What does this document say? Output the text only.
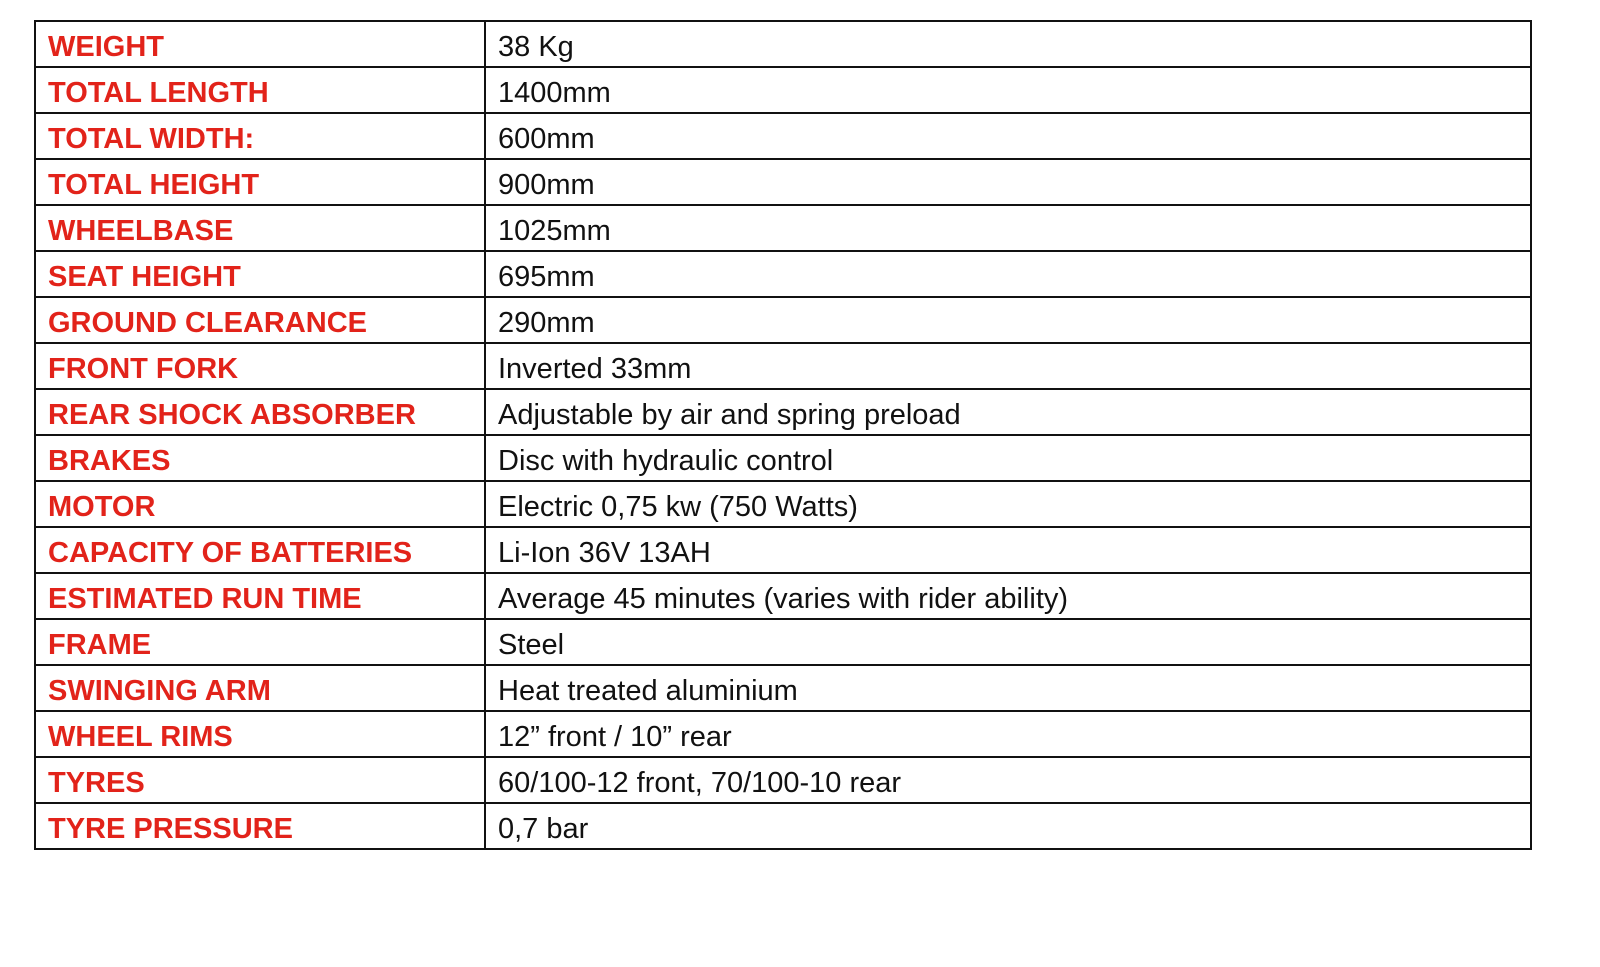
WEIGHT	38 Kg
TOTAL LENGTH	1400mm
TOTAL WIDTH:	600mm
TOTAL HEIGHT	900mm
WHEELBASE	1025mm
SEAT HEIGHT	695mm
GROUND CLEARANCE	290mm
FRONT FORK	Inverted 33mm
REAR SHOCK ABSORBER	Adjustable by air and spring preload
BRAKES	Disc with hydraulic control
MOTOR	Electric 0,75 kw (750 Watts)
CAPACITY OF BATTERIES	Li-Ion 36V 13AH
ESTIMATED RUN TIME	Average 45 minutes (varies with rider ability)
FRAME	Steel
SWINGING ARM	Heat treated aluminium
WHEEL RIMS	12” front / 10” rear
TYRES	60/100-12 front, 70/100-10 rear
TYRE PRESSURE	0,7 bar
